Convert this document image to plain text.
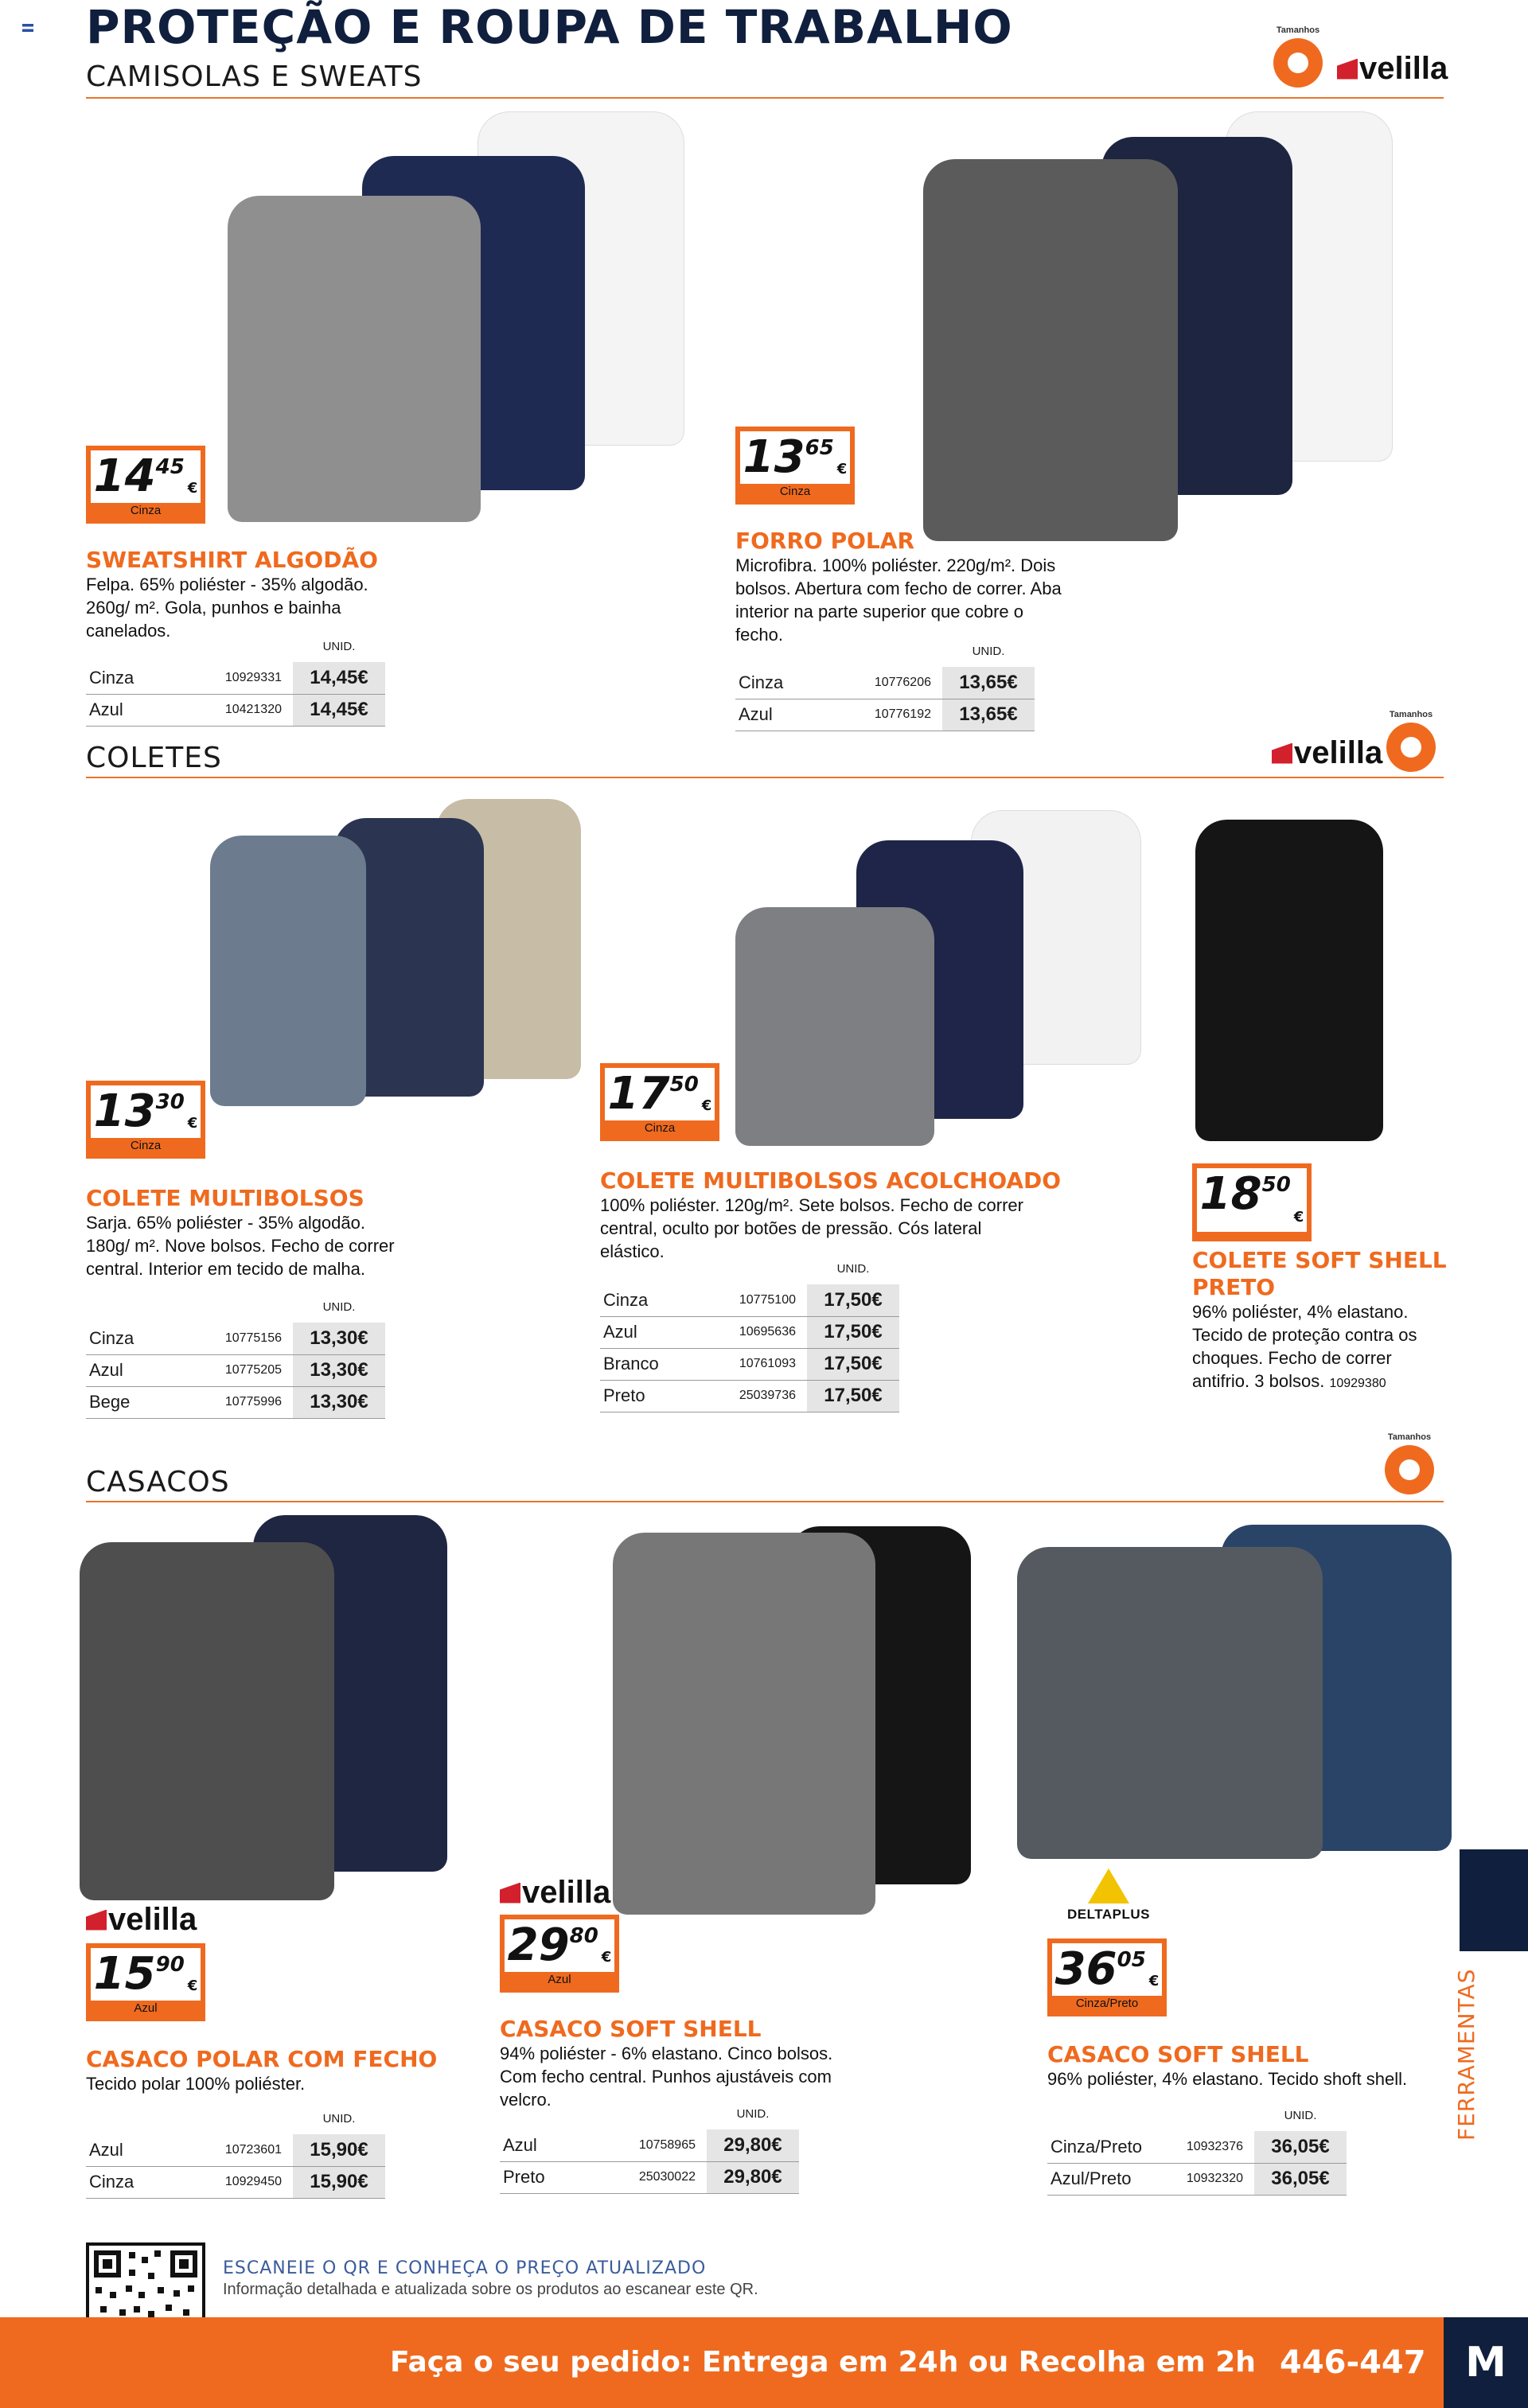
PROTEÇÃO E ROUPA DE TRABALHO
CAMISOLAS E SWEATS
Tamanhos
velilla
14 45
€
Cinza
SWEATSHIRT ALGODÃO
Felpa. 65% poliéster - 35% algodão. 260g/ m². Gola, punhos e bainha canelados.
		UNID.
Cinza	10929331	14,45€
Azul	10421320	14,45€
13 65
€
Cinza
FORRO POLAR
Microfibra. 100% poliéster. 220g/m². Dois bolsos. Abertura com fecho de correr. Aba interior na parte superior que cobre o fecho.
		UNID.
Cinza	10776206	13,65€
Azul	10776192	13,65€
COLETES	velilla
Tamanhos
13 30
€
Cinza
COLETE MULTIBOLSOS
Sarja. 65% poliéster - 35% algodão. 180g/ m². Nove bolsos. Fecho de correr central. Interior em tecido de malha.
		UNID.
Cinza	10775156	13,30€
Azul	10775205	13,30€
Bege	10775996	13,30€
17 50
€
Cinza
COLETE MULTIBOLSOS ACOLCHOADO
100% poliéster. 120g/m². Sete bolsos. Fecho de correr central, oculto por botões de pressão. Cós lateral elástico.
		UNID.
Cinza	10775100	17,50€
Azul	10695636	17,50€
Branco	10761093	17,50€
Preto	25039736	17,50€
18 50
€
COLETE SOFT SHELL
PRETO
96% poliéster, 4% elastano. Tecido de proteção contra os choques. Fecho de correr antifrio. 3 bolsos. 10929380
CASACOS
Tamanhos
velilla
15 90
€
Azul
CASACO POLAR COM FECHO
Tecido polar 100% poliéster.
		UNID.
Azul	10723601	15,90€
Cinza	10929450	15,90€
velilla
29 80
€
Azul
CASACO SOFT SHELL
94% poliéster - 6% elastano. Cinco bolsos. Com fecho central. Punhos ajustáveis com velcro.
		UNID.
Azul	10758965	29,80€
Preto	25030022	29,80€
DELTAPLUS
36 05
€
Cinza/Preto
CASACO SOFT SHELL
96% poliéster, 4% elastano. Tecido shoft shell.
		UNID.
Cinza/Preto	10932376	36,05€
Azul/Preto	10932320	36,05€
FERRAMENTAS
ESCANEIE O QR E CONHEÇA O PREÇO ATUALIZADO
Informação detalhada e atualizada sobre os produtos ao escanear este QR.
Faça o seu pedido: Entrega em 24h ou Recolha em 2h 446-447 M
